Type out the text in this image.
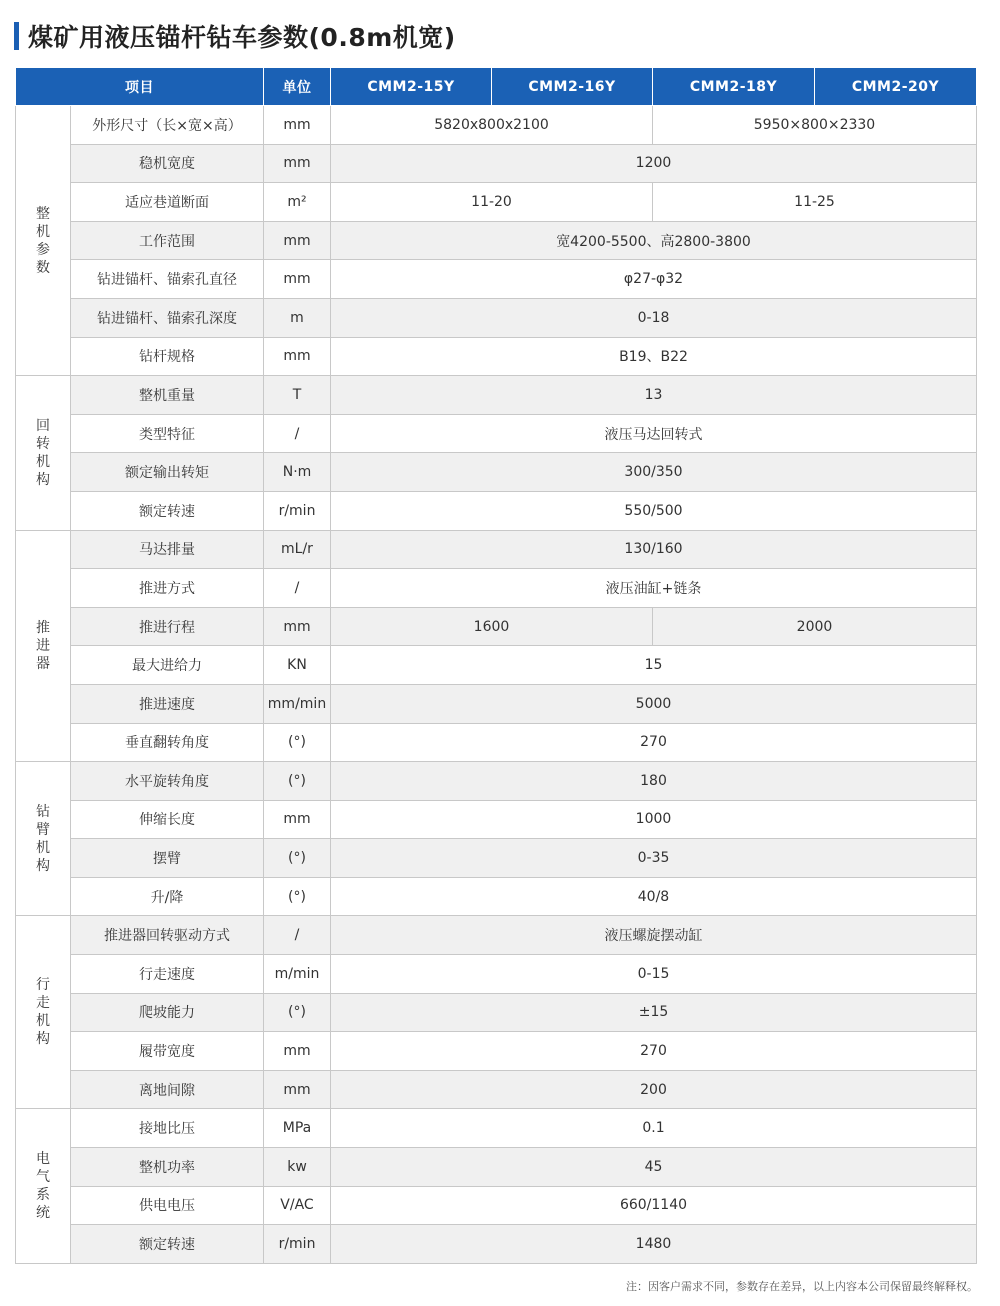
煤矿用液压锚杆钻车参数(0.8m机宽)
项目		单位	CMM2-15Y	CMM2-16Y	CMM2-18Y	CMM2-20Y
整机参数	外形尺寸（长×宽×高）	mm	5820x800x2100		5950×800×2330	
	稳机宽度	mm	1200			
	适应巷道断面	m²	11-20		11-25	
	工作范围	mm	宽4200-5500、高2800-3800			
	钻进锚杆、锚索孔直径	mm	φ27-φ32			
	钻进锚杆、锚索孔深度	m	0-18			
	钻杆规格	mm	B19、B22			
回转机构	整机重量	T	13			
	类型特征	/	液压马达回转式			
	额定输出转矩	N·m	300/350			
	额定转速	r/min	550/500			
推进器	马达排量	mL/r	130/160			
	推进方式	/	液压油缸+链条			
	推进行程	mm	1600		2000	
	最大进给力	KN	15			
	推进速度	mm/min	5000			
	垂直翻转角度	(°)	270			
钻臂机构	水平旋转角度	(°)	180			
	伸缩长度	mm	1000			
	摆臂	(°)	0-35			
	升/降	(°)	40/8			
行走机构	推进器回转驱动方式	/	液压螺旋摆动缸			
	行走速度	m/min	0-15			
	爬坡能力	(°)	±15			
	履带宽度	mm	270			
	离地间隙	mm	200			
电气系统	接地比压	MPa	0.1			
	整机功率	kw	45			
	供电电压	V/AC	660/1140			
	额定转速	r/min	1480			
注：因客户需求不同，参数存在差异，以上内容本公司保留最终解释权。
